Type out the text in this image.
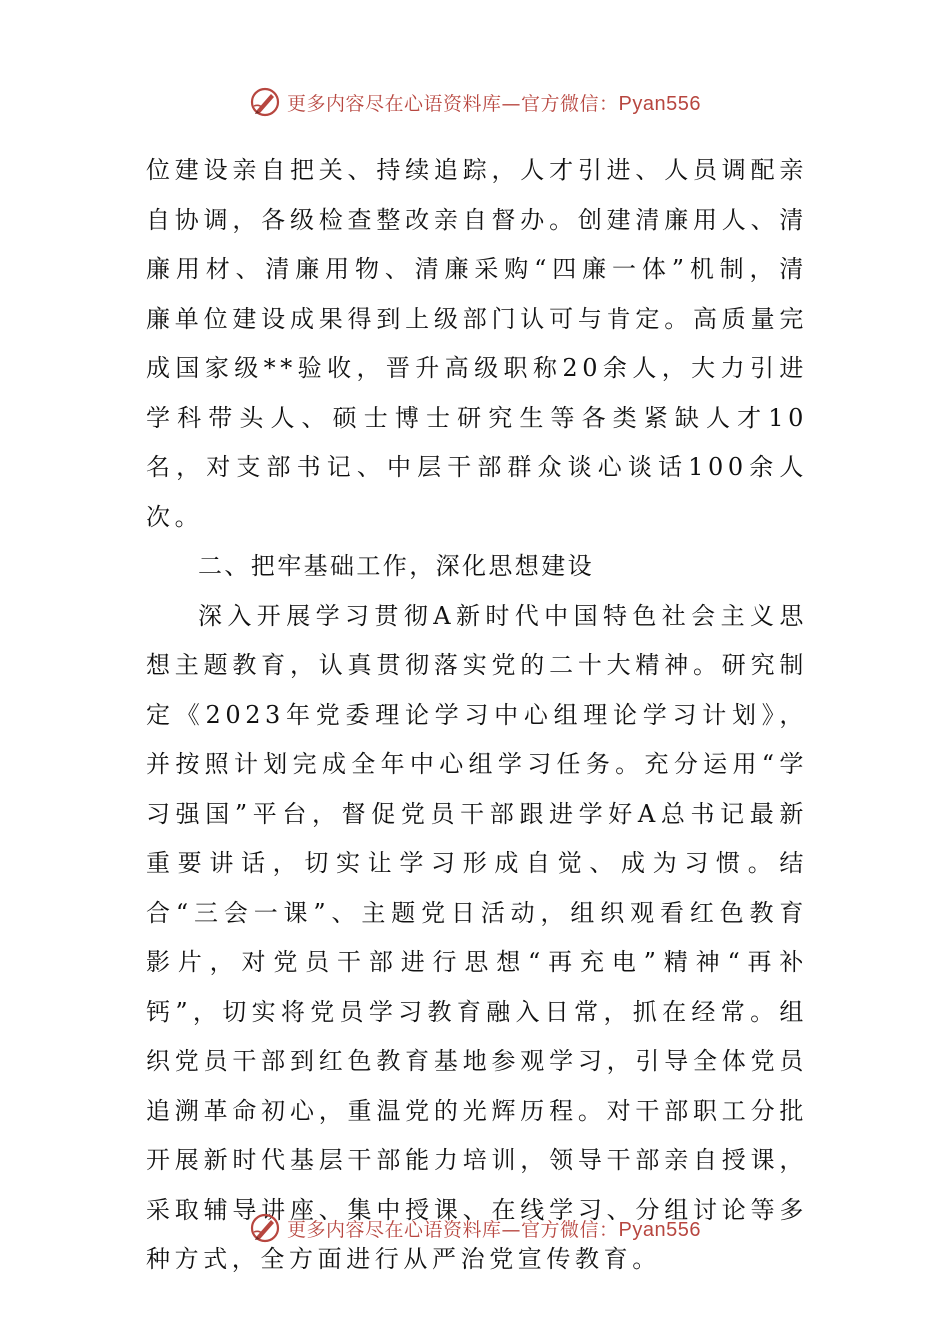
更多内容尽在心语资料库—官方微信：Pyan556

位建设亲自把关、持续追踪，人才引进、人员调配亲自协调，各级检查整改亲自督办。创建清廉用人、清廉用材、清廉用物、清廉采购“四廉一体”机制，清廉单位建设成果得到上级部门认可与肯定。高质量完成国家级**验收，晋升高级职称20余人，大力引进学科带头人、硕士博士研究生等各类紧缺人才10名，对支部书记、中层干部群众谈心谈话100余人次。

二、把牢基础工作，深化思想建设

深入开展学习贯彻A新时代中国特色社会主义思想主题教育，认真贯彻落实党的二十大精神。研究制定《2023年党委理论学习中心组理论学习计划》，并按照计划完成全年中心组学习任务。充分运用“学习强国”平台，督促党员干部跟进学好A总书记最新重要讲话，切实让学习形成自觉、成为习惯。结合“三会一课”、主题党日活动，组织观看红色教育影片，对党员干部进行思想“再充电”精神“再补钙”，切实将党员学习教育融入日常，抓在经常。组织党员干部到红色教育基地参观学习，引导全体党员追溯革命初心，重温党的光辉历程。对干部职工分批开展新时代基层干部能力培训，领导干部亲自授课，采取辅导讲座、集中授课、在线学习、分组讨论等多种方式，全方面进行从严治党宣传教育。

更多内容尽在心语资料库—官方微信：Pyan556
